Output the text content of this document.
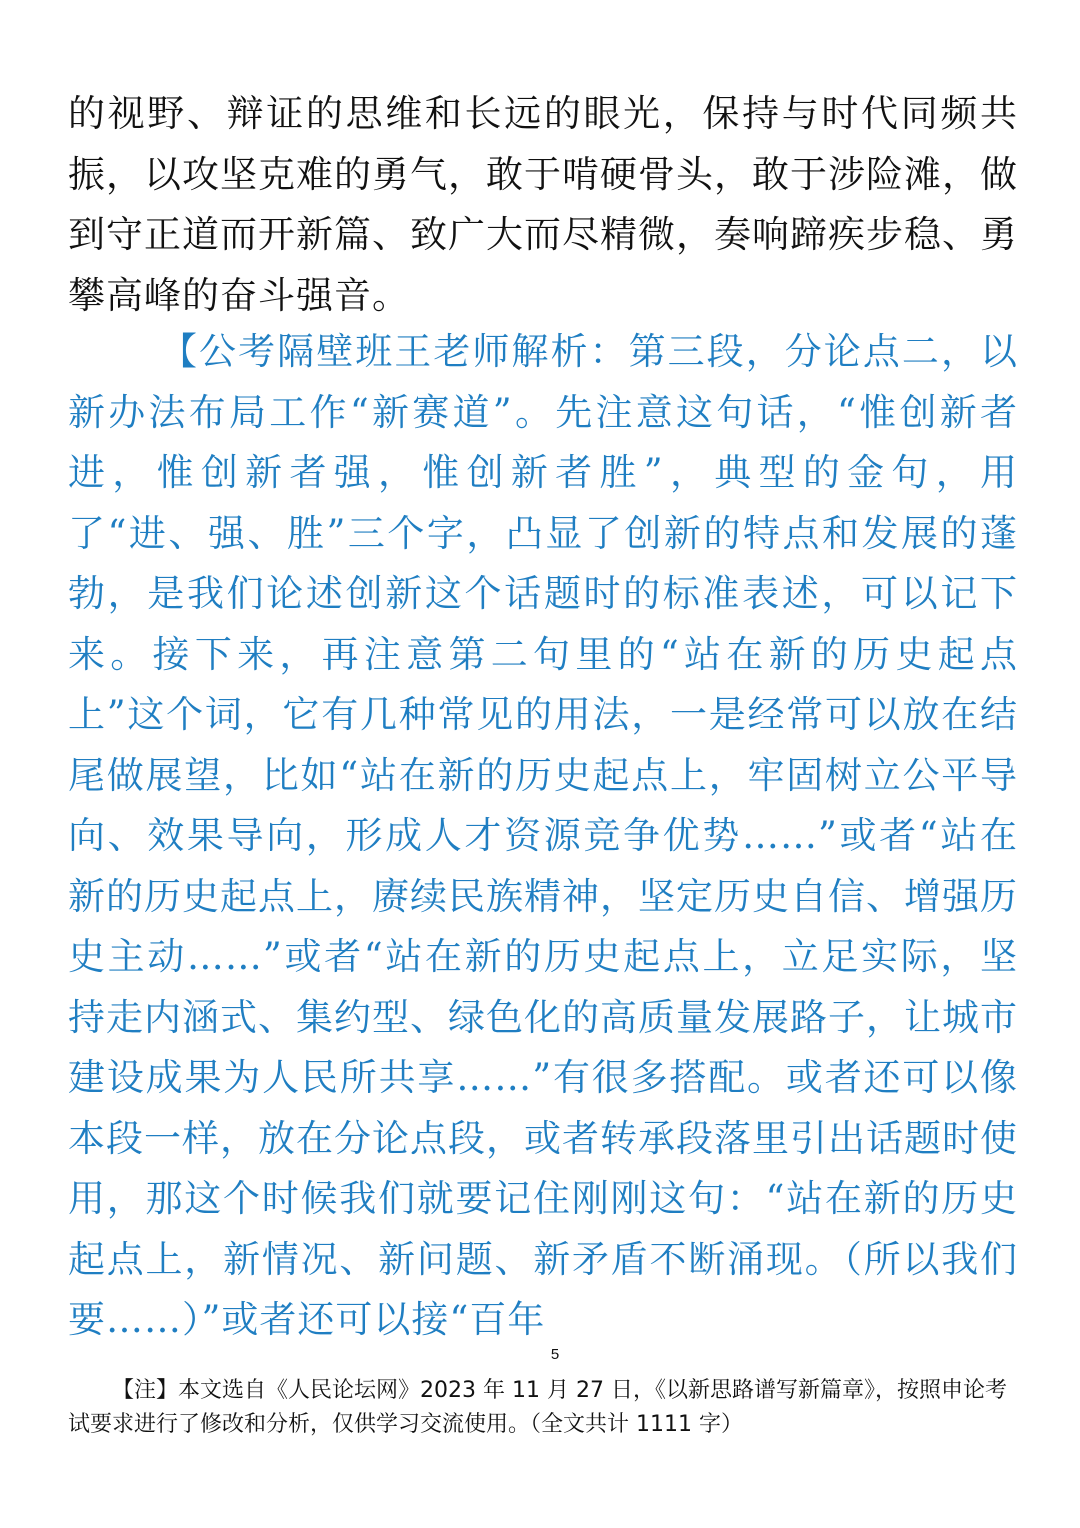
的视野、辩证的思维和长远的眼光，保持与时代同频共振，以攻坚克难的勇气，敢于啃硬骨头，敢于涉险滩，做到守正道而开新篇、致广大而尽精微，奏响蹄疾步稳、勇攀高峰的奋斗强音。

【公考隔壁班王老师解析：第三段，分论点二，以新办法布局工作“新赛道”。先注意这句话，“惟创新者进，惟创新者强，惟创新者胜”，典型的金句，用了“进、强、胜”三个字，凸显了创新的特点和发展的蓬勃，是我们论述创新这个话题时的标准表述，可以记下来。接下来，再注意第二句里的“站在新的历史起点上”这个词，它有几种常见的用法，一是经常可以放在结尾做展望，比如“站在新的历史起点上，牢固树立公平导向、效果导向，形成人才资源竞争优势……”或者“站在新的历史起点上，赓续民族精神，坚定历史自信、增强历史主动……”或者“站在新的历史起点上，立足实际，坚持走内涵式、集约型、绿色化的高质量发展路子，让城市建设成果为人民所共享……”有很多搭配。或者还可以像本段一样，放在分论点段，或者转承段落里引出话题时使用，那这个时候我们就要记住刚刚这句：“站在新的历史起点上，新情况、新问题、新矛盾不断涌现。（所以我们要……）”或者还可以接“百年

5

【注】本文选自《人民论坛网》2023 年 11 月 27 日，《以新思路谱写新篇章》，按照申论考试要求进行了修改和分析，仅供学习交流使用。（全文共计 1111 字）
